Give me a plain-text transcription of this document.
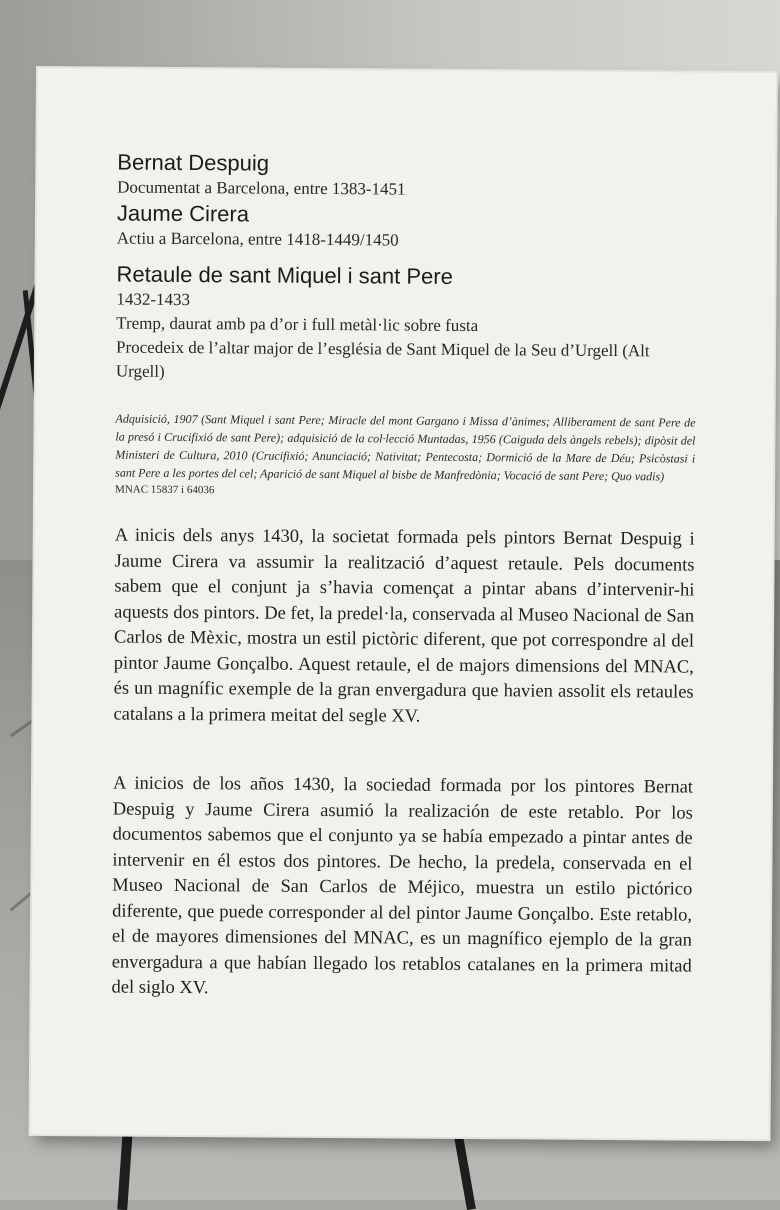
Bernat Despuig

Documentat a Barcelona, entre 1383-1451

Jaume Cirera

Actiu a Barcelona, entre 1418-1449/1450

Retaule de sant Miquel i sant Pere

1432-1433

Tremp, daurat amb pa d’or i full metàl·lic sobre fusta

Procedeix de l’altar major de l’església de Sant Miquel de la Seu d’Urgell (Alt Urgell)

Adquisició, 1907 (Sant Miquel i sant Pere; Miracle del mont Gargano i Missa d’ànimes; Alliberament de sant Pere de la presó i Crucifixió de sant Pere); adquisició de la col·lecció Muntadas, 1956 (Caiguda dels àngels rebels); dipòsit del Ministeri de Cultura, 2010 (Crucifixió; Anunciació; Nativitat; Pentecosta; Dormició de la Mare de Déu; Psicòstasi i sant Pere a les portes del cel; Aparició de sant Miquel al bisbe de Manfredònia; Vocació de sant Pere; Quo vadis)

MNAC 15837 i 64036

A inicis dels anys 1430, la societat formada pels pintors Bernat Despuig i Jaume Cirera va assumir la realització d’aquest retaule. Pels documents sabem que el conjunt ja s’havia començat a pintar abans d’intervenir-hi aquests dos pintors. De fet, la predel·la, conservada al Museo Nacional de San Carlos de Mèxic, mostra un estil pictòric diferent, que pot correspondre al del pintor Jaume Gonçalbo. Aquest retaule, el de majors dimensions del MNAC, és un magnífic exemple de la gran envergadura que havien assolit els retaules catalans a la primera meitat del segle XV.

A inicios de los años 1430, la sociedad formada por los pintores Bernat Despuig y Jaume Cirera asumió la realización de este retablo. Por los documentos sabemos que el conjunto ya se había empezado a pintar antes de intervenir en él estos dos pintores. De hecho, la predela, conservada en el Museo Nacional de San Carlos de Méjico, muestra un estilo pictórico diferente, que puede corresponder al del pintor Jaume Gonçalbo. Este retablo, el de mayores dimensiones del MNAC, es un magnífico ejemplo de la gran envergadura a que habían llegado los retablos catalanes en la primera mitad del siglo XV.
